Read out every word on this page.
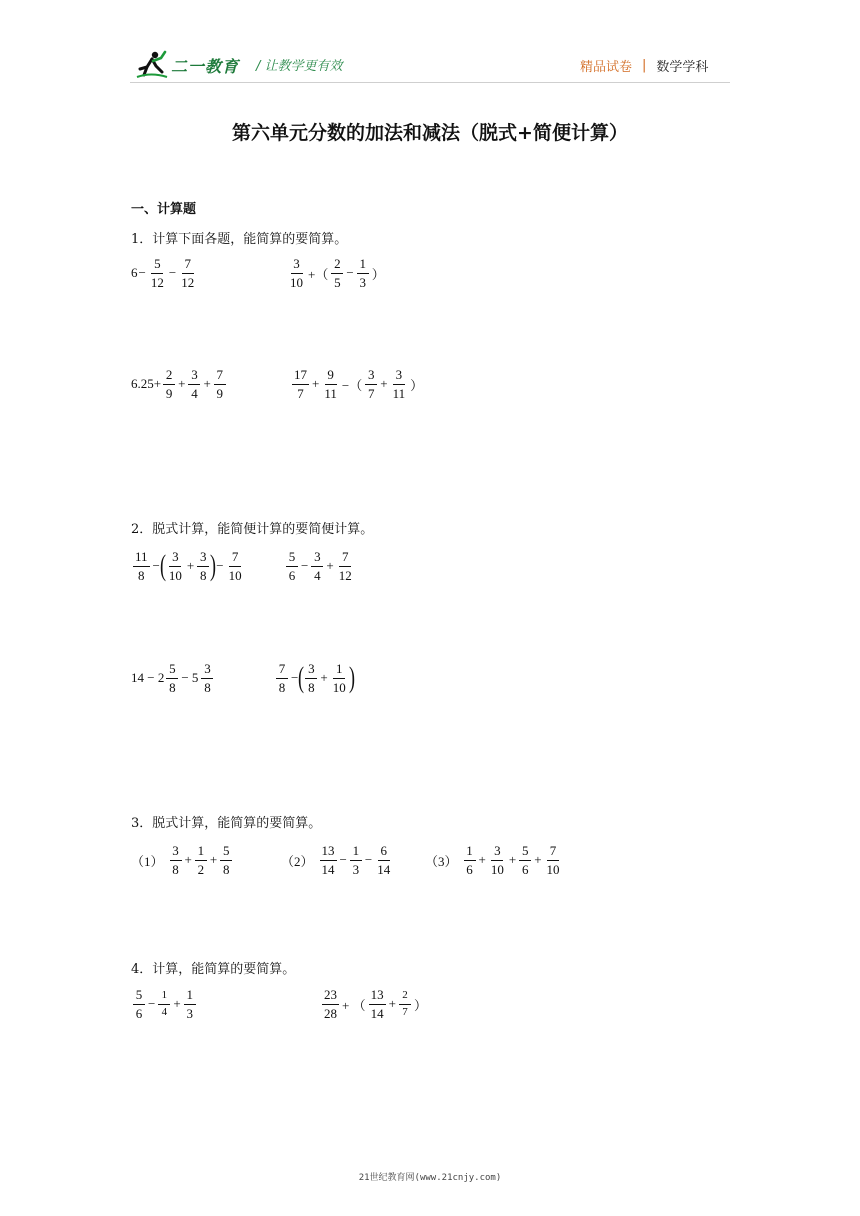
二一教育 / 让教学更有效	精品试卷 | 数学学科
第六单元分数的加法和减法（脱式+简便计算）
一、计算题
1．计算下面各题，能简算的要简算。
$6 - \frac{5}{12} - \frac{7}{12}$	$\frac{3}{10}$ +（ $\frac{2}{5} - \frac{1}{3}$ ）
$6.25+ \frac{2}{9} + \frac{3}{4} + \frac{7}{9}$	$\frac{17}{7} + \frac{9}{11}$ −（ $\frac{3}{7} + \frac{3}{11}$ ）
2．脱式计算，能简便计算的要简便计算。
$\frac{11}{8}$ − ( $\frac{3}{10} + \frac{3}{8}$ ) − $\frac{7}{10}$	$\frac{5}{6} - \frac{3}{4} + \frac{7}{12}$
$14 - 2 \frac{5}{8} - 5 \frac{3}{8}$	$\frac{7}{8}$ − ( $\frac{3}{8} + \frac{1}{10}$ )
3．脱式计算，能简算的要简算。
$(1) \frac{3}{8} + \frac{1}{2} + \frac{5}{8}$	$(2) \frac{13}{14} - \frac{1}{3} - \frac{6}{14}$	$(3) \frac{1}{6} + \frac{3}{10} + \frac{5}{6} + \frac{7}{10}$
4．计算，能简算的要简算。
$\frac{5}{6} - \frac{1}{4} + \frac{1}{3}$	$\frac{23}{28}$ + （ $\frac{13}{14} + \frac{2}{7}$ ）
21世纪教育网(www.21cnjy.com)
